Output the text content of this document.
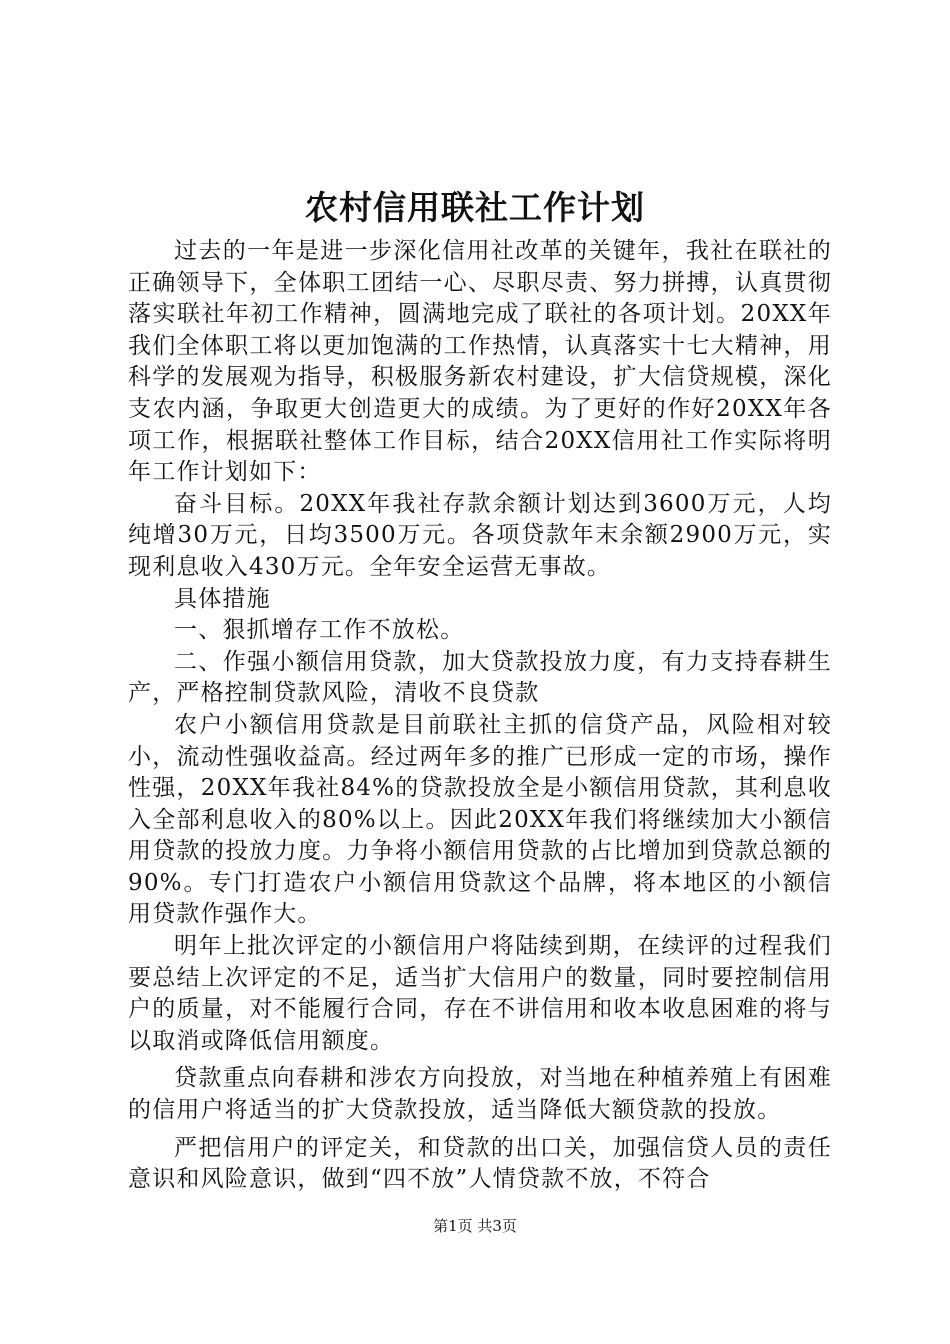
农村信用联社工作计划

过去的一年是进一步深化信用社改革的关键年，我社在联社的正确领导下，全体职工团结一心、尽职尽责、努力拼搏，认真贯彻落实联社年初工作精神，圆满地完成了联社的各项计划。20XX年我们全体职工将以更加饱满的工作热情，认真落实十七大精神，用科学的发展观为指导，积极服务新农村建设，扩大信贷规模，深化支农内涵，争取更大创造更大的成绩。为了更好的作好20XX年各项工作，根据联社整体工作目标，结合20XX信用社工作实际将明年工作计划如下：

奋斗目标。20XX年我社存款余额计划达到3600万元，人均纯增30万元，日均3500万元。各项贷款年末余额2900万元，实现利息收入430万元。全年安全运营无事故。

具体措施

一、狠抓增存工作不放松。

二、作强小额信用贷款，加大贷款投放力度，有力支持春耕生产，严格控制贷款风险，清收不良贷款

农户小额信用贷款是目前联社主抓的信贷产品，风险相对较小，流动性强收益高。经过两年多的推广已形成一定的市场，操作性强，20XX年我社84%的贷款投放全是小额信用贷款，其利息收入全部利息收入的80%以上。因此20XX年我们将继续加大小额信用贷款的投放力度。力争将小额信用贷款的占比增加到贷款总额的90%。专门打造农户小额信用贷款这个品牌，将本地区的小额信用贷款作强作大。

明年上批次评定的小额信用户将陆续到期，在续评的过程我们要总结上次评定的不足，适当扩大信用户的数量，同时要控制信用户的质量，对不能履行合同，存在不讲信用和收本收息困难的将与以取消或降低信用额度。

贷款重点向春耕和涉农方向投放，对当地在种植养殖上有困难的信用户将适当的扩大贷款投放，适当降低大额贷款的投放。

严把信用户的评定关，和贷款的出口关，加强信贷人员的责任意识和风险意识，做到“四不放”人情贷款不放，不符合

第1页 共3页
